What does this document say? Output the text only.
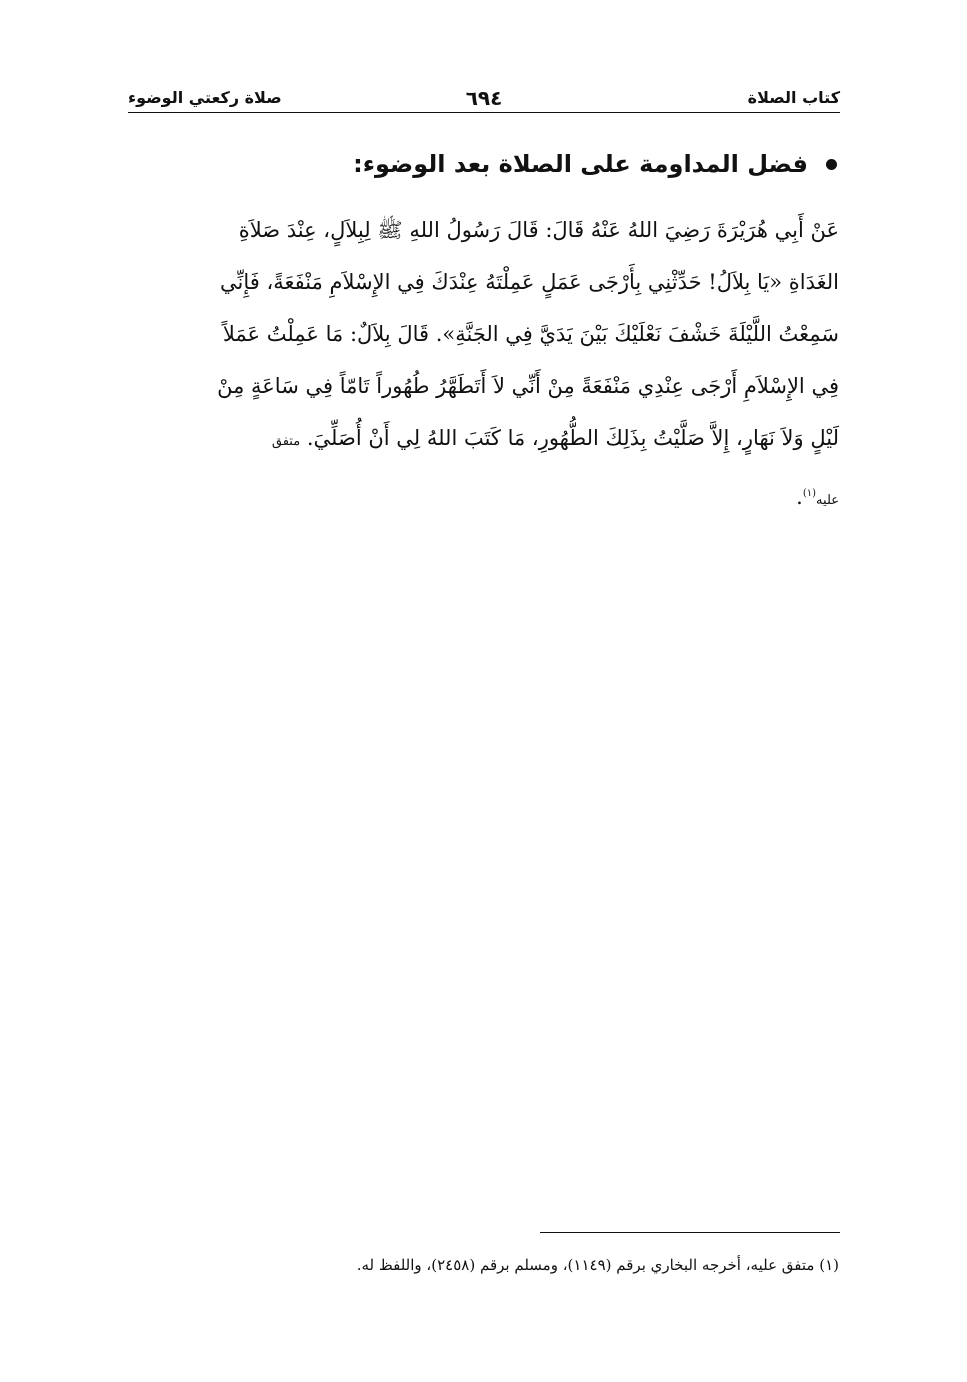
كتاب الصلاة
٦٩٤
صلاة ركعتي الوضوء
فضل المداومة على الصلاة بعد الوضوء:
عَنْ أَبِي هُرَيْرَةَ رَضِيَ اللهُ عَنْهُ قَالَ: قَالَ رَسُولُ اللهِ ﷺ لِبِلاَلٍ، عِنْدَ صَلاَةِ
الغَدَاةِ «يَا بِلاَلُ! حَدِّثْنِي بِأَرْجَى عَمَلٍ عَمِلْتَهُ عِنْدَكَ فِي الإِسْلاَمِ مَنْفَعَةً، فَإِنِّي
سَمِعْتُ اللَّيْلَةَ خَشْفَ نَعْلَيْكَ بَيْنَ يَدَيَّ فِي الجَنَّةِ». قَالَ بِلاَلٌ: مَا عَمِلْتُ عَمَلاً
فِي الإِسْلاَمِ أَرْجَى عِنْدِي مَنْفَعَةً مِنْ أَنِّي لاَ أَتَطَهَّرُ طُهُوراً تَامّاً فِي سَاعَةٍ مِنْ
لَيْلٍ وَلاَ نَهَارٍ، إِلاَّ صَلَّيْتُ بِذَلِكَ الطُّهُورِ، مَا كَتَبَ اللهُ لِي أَنْ أُصَلِّيَ. متفق
عليه$^{(١)}$.
(١) متفق عليه، أخرجه البخاري برقم (١١٤٩)، ومسلم برقم (٢٤٥٨)، واللفظ له.
